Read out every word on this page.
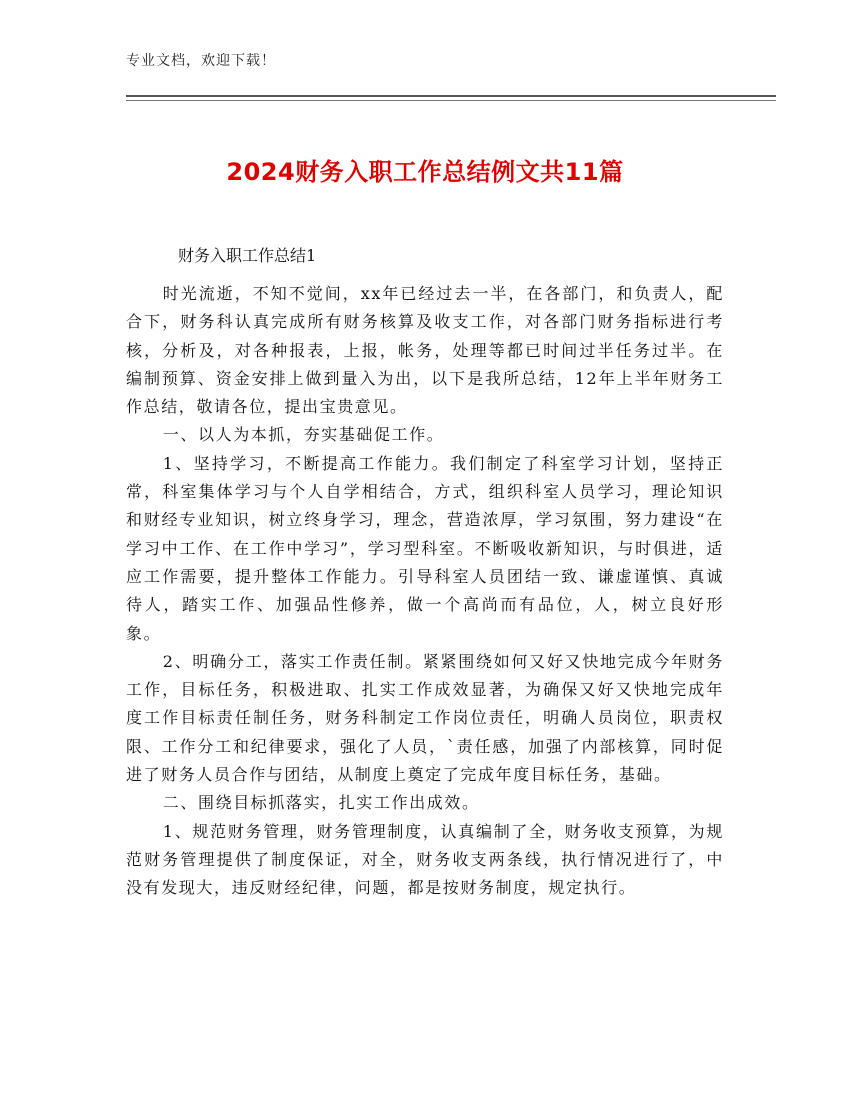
专业文档，欢迎下载！
2024财务入职工作总结例文共11篇
财务入职工作总结1

时光流逝，不知不觉间，xx年已经过去一半，在各部门，和负责人，配合下，财务科认真完成所有财务核算及收支工作，对各部门财务指标进行考核，分析及，对各种报表，上报，帐务，处理等都已时间过半任务过半。在编制预算、资金安排上做到量入为出，以下是我所总结，12年上半年财务工作总结，敬请各位，提出宝贵意见。

一、以人为本抓，夯实基础促工作。

1、坚持学习，不断提高工作能力。我们制定了科室学习计划，坚持正常，科室集体学习与个人自学相结合，方式，组织科室人员学习，理论知识和财经专业知识，树立终身学习，理念，营造浓厚，学习氛围，努力建设“在学习中工作、在工作中学习”，学习型科室。不断吸收新知识，与时俱进，适应工作需要，提升整体工作能力。引导科室人员团结一致、谦虚谨慎、真诚待人，踏实工作、加强品性修养，做一个高尚而有品位，人，树立良好形象。

2、明确分工，落实工作责任制。紧紧围绕如何又好又快地完成今年财务工作，目标任务，积极进取、扎实工作成效显著，为确保又好又快地完成年度工作目标责任制任务，财务科制定工作岗位责任，明确人员岗位，职责权限、工作分工和纪律要求，强化了人员，`责任感，加强了内部核算，同时促进了财务人员合作与团结，从制度上奠定了完成年度目标任务，基础。

二、围绕目标抓落实，扎实工作出成效。

1、规范财务管理，财务管理制度，认真编制了全，财务收支预算，为规范财务管理提供了制度保证，对全，财务收支两条线，执行情况进行了，中没有发现大，违反财经纪律，问题，都是按财务制度，规定执行。
